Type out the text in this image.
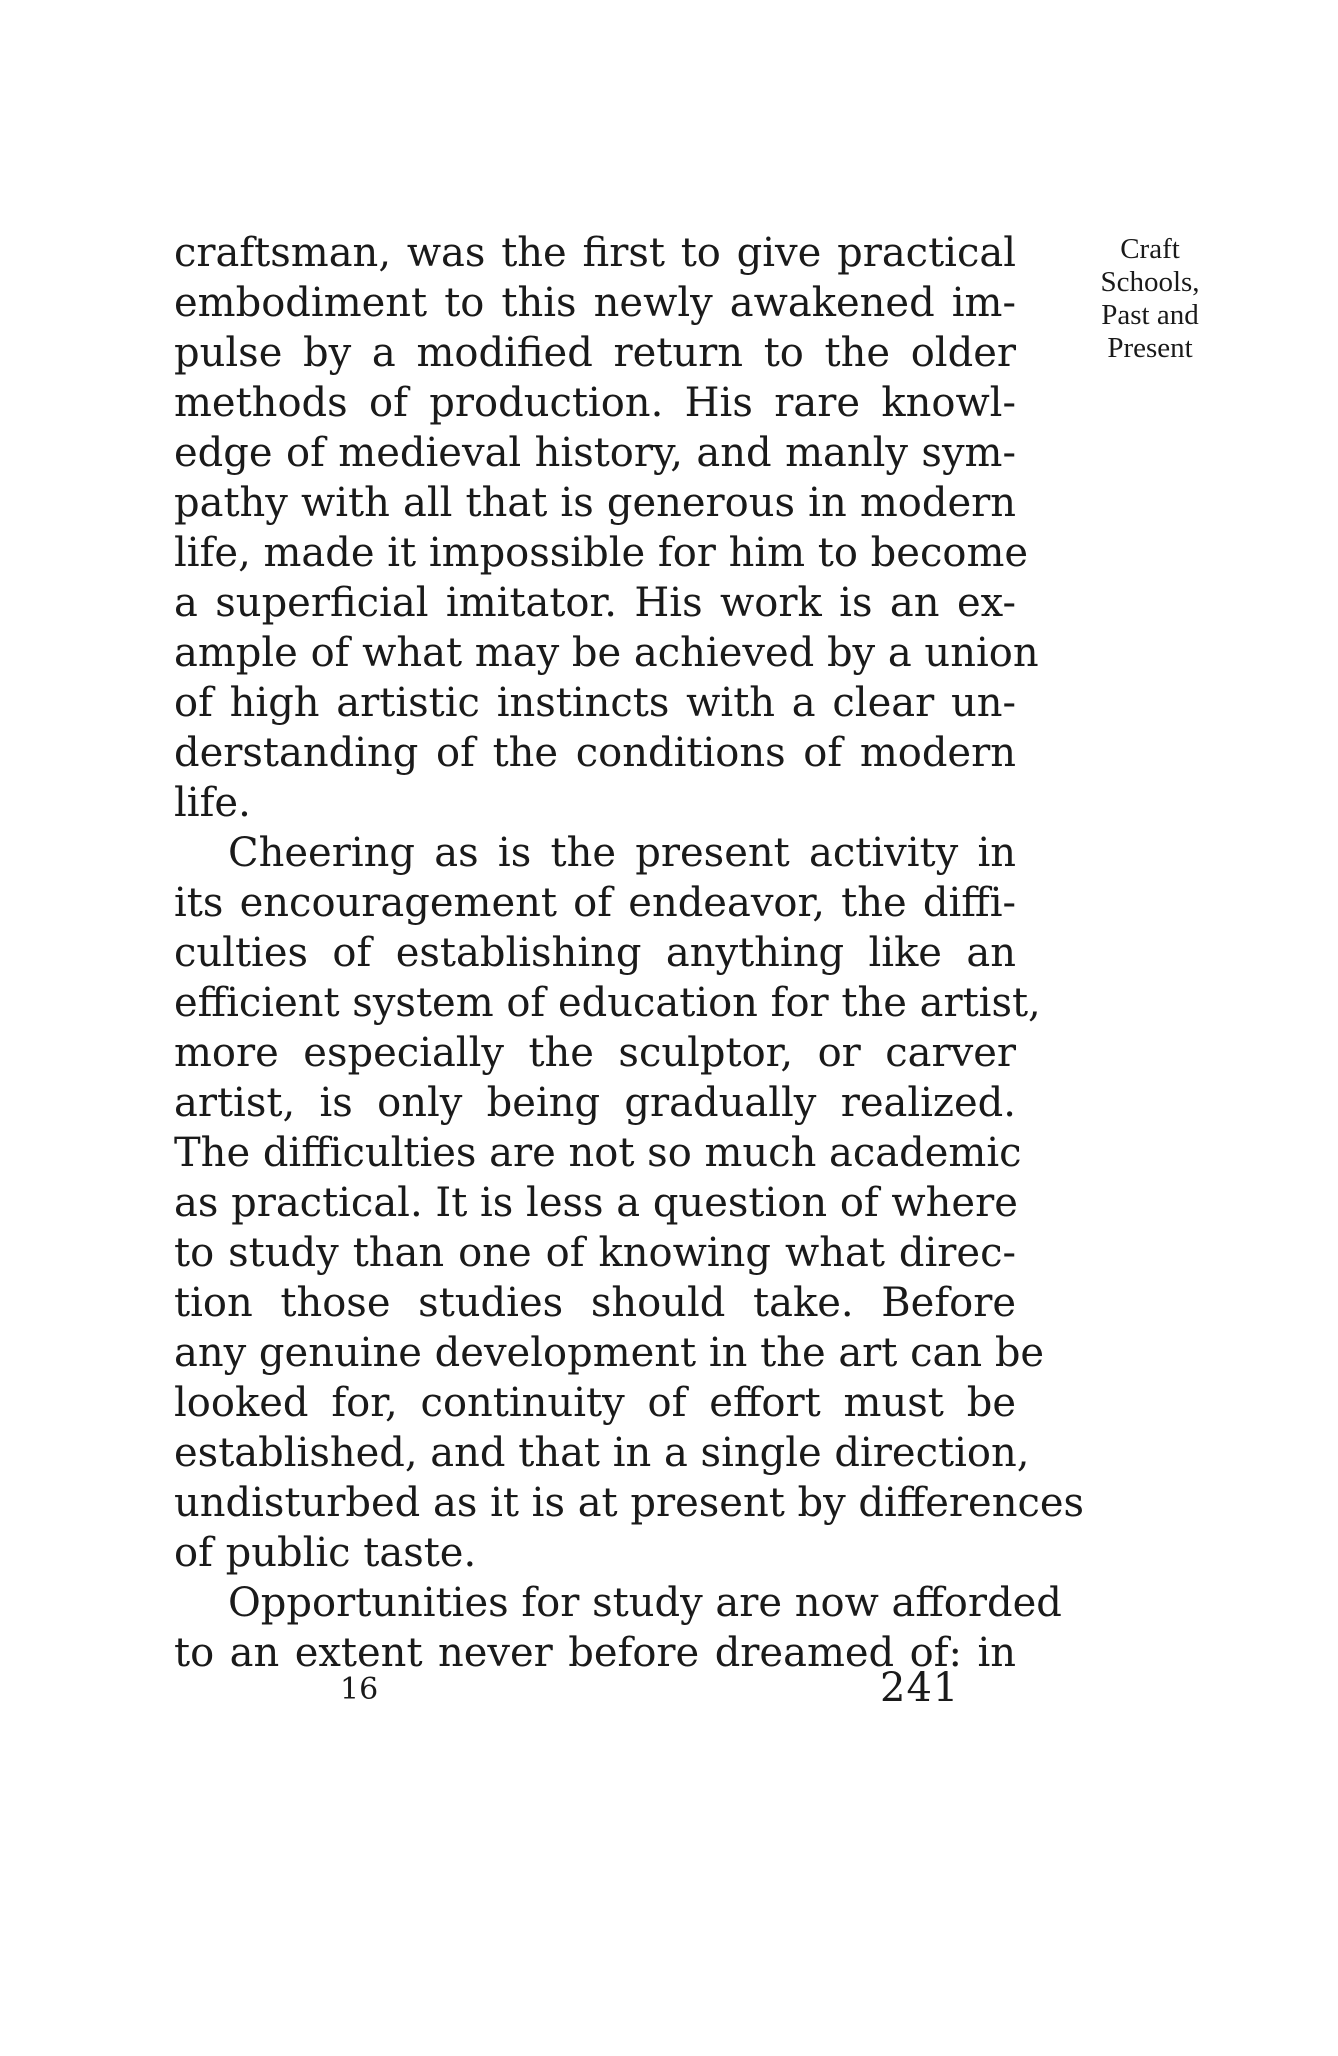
craftsman, was the first to give practical
embodiment to this newly awakened im-
pulse by a modified return to the older
methods of production. His rare knowl-
edge of medieval history, and manly sym-
pathy with all that is generous in modern
life, made it impossible for him to become
a superficial imitator. His work is an ex-
ample of what may be achieved by a union
of high artistic instincts with a clear un-
derstanding of the conditions of modern
life.

Cheering as is the present activity in
its encouragement of endeavor, the diffi-
culties of establishing anything like an
efficient system of education for the artist,
more especially the sculptor, or carver
artist, is only being gradually realized.
The difficulties are not so much academic
as practical. It is less a question of where
to study than one of knowing what direc-
tion those studies should take. Before
any genuine development in the art can be
looked for, continuity of effort must be
established, and that in a single direction,
undisturbed as it is at present by differences
of public taste.

Opportunities for study are now afforded
to an extent never before dreamed of: in

Craft
Schools,
Past and
Present
16	241
